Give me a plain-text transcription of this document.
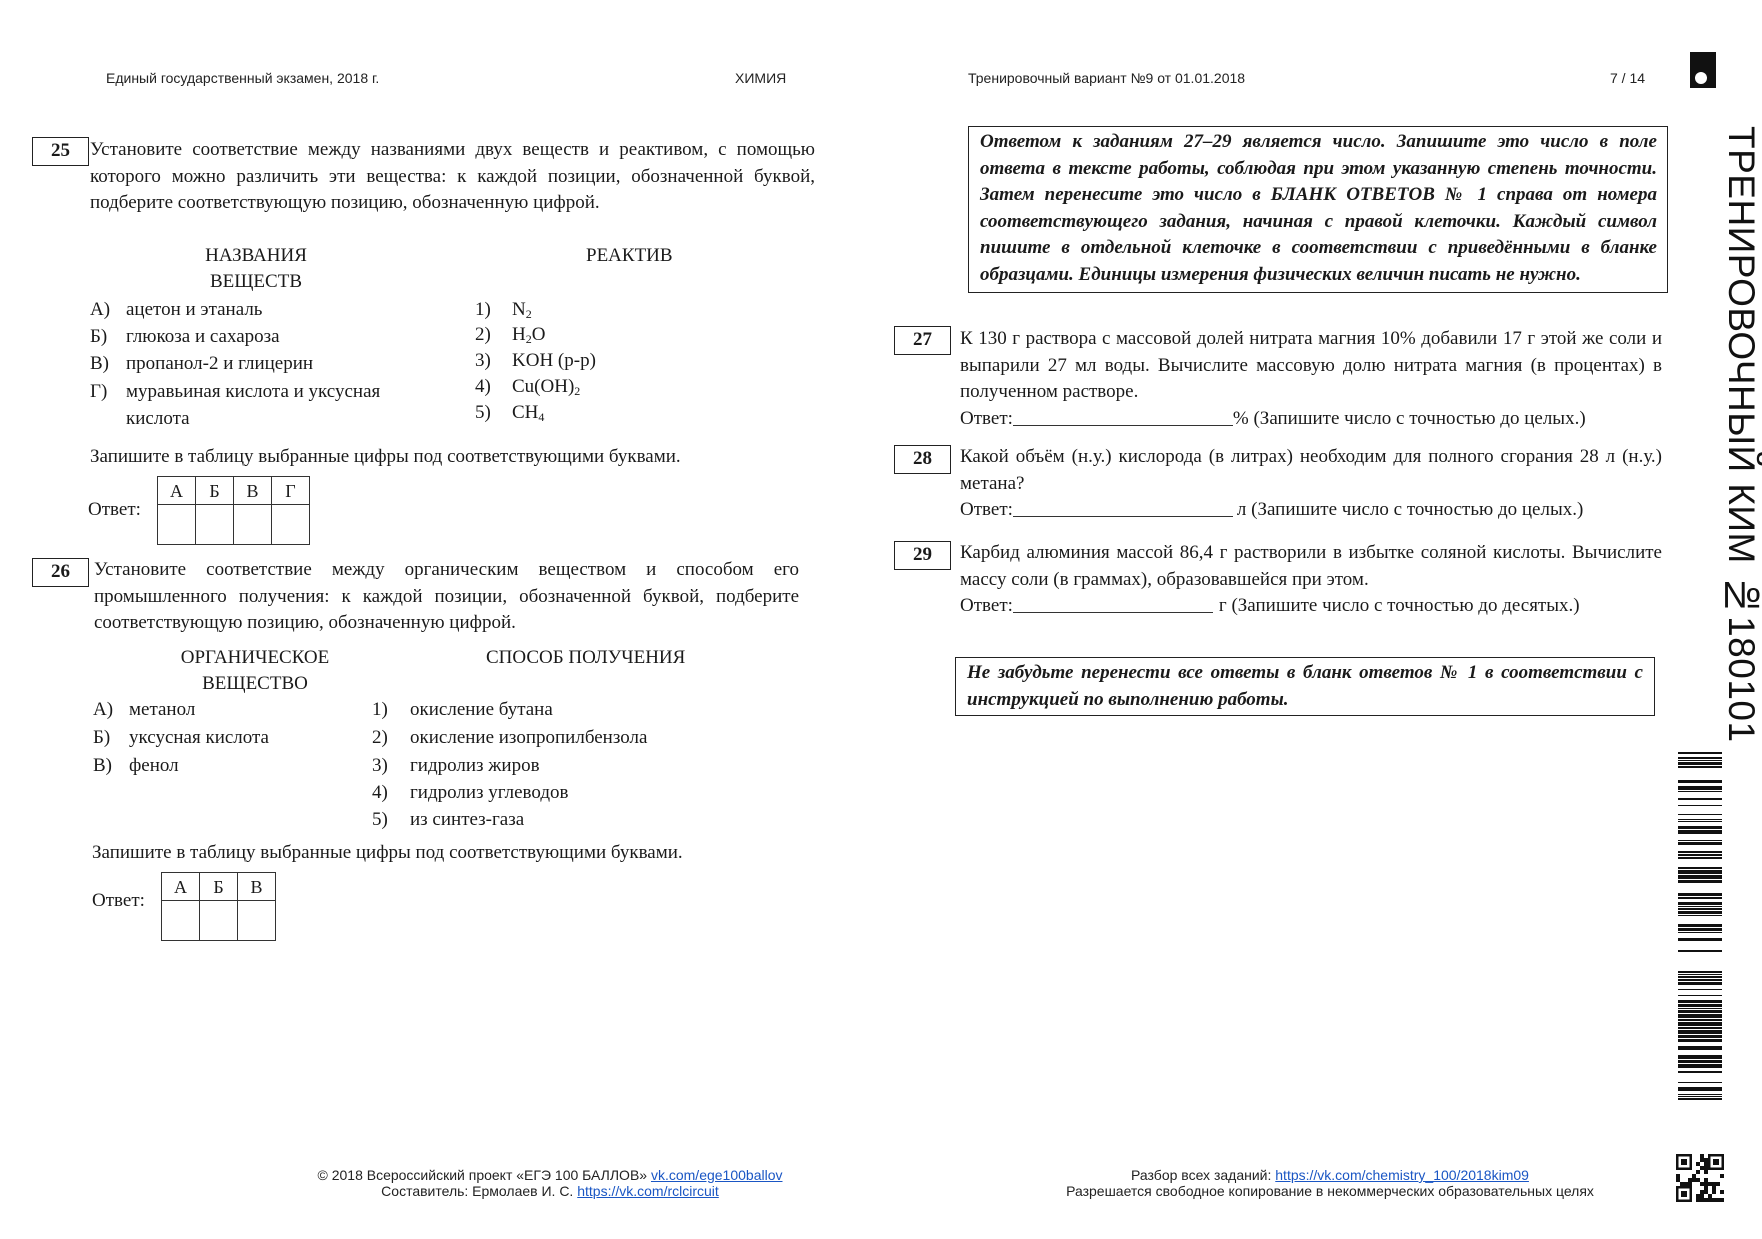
Единый государственный экзамен, 2018 г.	ХИМИЯ	Тренировочный вариант №9 от 01.01.2018	7 / 14
ТРЕНИРОВОЧНЫЙ КИМ №180101
25	Установите соответствие между названиями двух веществ и реактивом, с помощью которого можно различить эти вещества: к каждой позиции, обозначенной буквой, подберите соответствующую позицию, обозначенную цифрой.
НАЗВАНИЯ
ВЕЩЕСТВ
РЕАКТИВ
А) ацетон и этаналь
Б) глюкоза и сахароза
В) пропанол-2 и глицерин
Г) муравьиная кислота и уксусная
кислота
1) $N_2$
2) $H_2O$
3) KOH (р-р)
4) $Cu(OH)_2$
5) $CH_4$
Запишите в таблицу выбранные цифры под соответствующими буквами.
Ответ:
А	Б	В	Г

26	Установите соответствие между органическим веществом и способом его промышленного получения: к каждой позиции, обозначенной буквой, подберите соответствующую позицию, обозначенную цифрой.
ОРГАНИЧЕСКОЕ
ВЕЩЕСТВО
СПОСОБ ПОЛУЧЕНИЯ
А) метанол
Б) уксусная кислота
В) фенол
1) окисление бутана
2) окисление изопропилбензола
3) гидролиз жиров
4) гидролиз углеводов
5) из синтез-газа
Запишите в таблицу выбранные цифры под соответствующими буквами.
Ответ:
А	Б	В

Ответом к заданиям 27–29 является число. Запишите это число в поле ответа в тексте работы, соблюдая при этом указанную степень точности. Затем перенесите это число в БЛАНК ОТВЕТОВ № 1 справа от номера соответствующего задания, начиная с правой клеточки. Каждый символ пишите в отдельной клеточке в соответствии с приведёнными в бланке образцами. Единицы измерения физических величин писать не нужно.
27	К 130 г раствора с массовой долей нитрата магния 10% добавили 17 г этой же соли и выпарили 27 мл воды. Вычислите массовую долю нитрата магния (в процентах) в полученном растворе.
Ответ:	% (Запишите число с точностью до целых.)
28	Какой объём (н.у.) кислорода (в литрах) необходим для полного сгорания 28 л (н.у.) метана?
Ответ:	л (Запишите число с точностью до целых.)
29	Карбид алюминия массой 86,4 г растворили в избытке соляной кислоты. Вычислите массу соли (в граммах), образовавшейся при этом.
Ответ:	г (Запишите число с точностью до десятых.)
Не забудьте перенести все ответы в бланк ответов № 1 в соответствии с инструкцией по выполнению работы.
© 2018 Всероссийский проект «ЕГЭ 100 БАЛЛОВ» vk.com/ege100ballov
Составитель: Ермолаев И. С. https://vk.com/rclcircuit
Разбор всех заданий: https://vk.com/chemistry_100/2018kim09
Разрешается свободное копирование в некоммерческих образовательных целях
